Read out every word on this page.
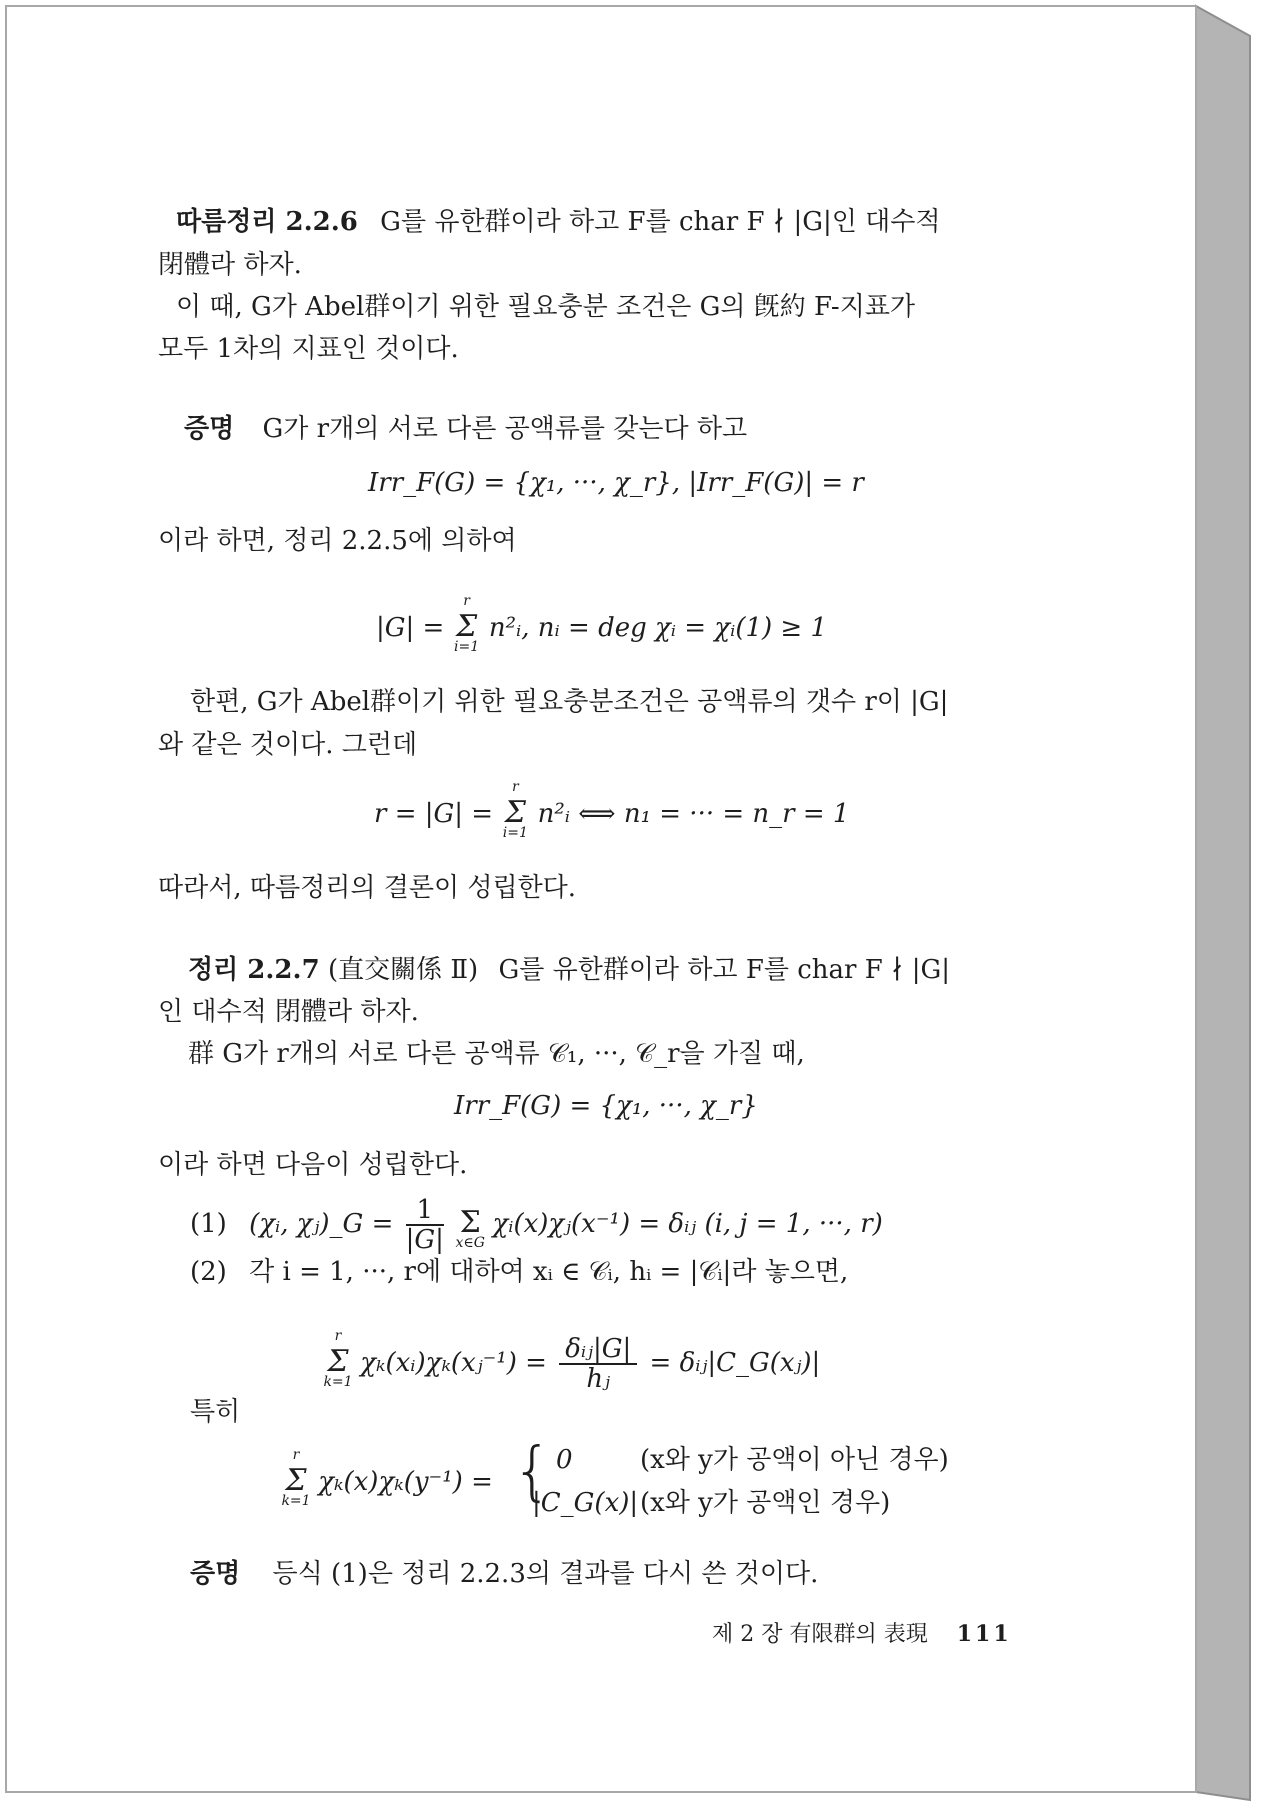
따름정리 2.2.6 G를 유한群이라 하고 F를 char F ∤ |G|인 대수적
閉體라 하자.
이 때, G가 Abel群이기 위한 필요충분 조건은 G의 旣約 F-지표가
모두 1차의 지표인 것이다.
증명 G가 r개의 서로 다른 공액류를 갖는다 하고
Irr_F(G) = {χ₁, ···, χ_r}, |Irr_F(G)| = r
이라 하면, 정리 2.2.5에 의하여
|G| =
r
Σ
i=1
n²ᵢ, nᵢ = deg χᵢ = χᵢ(1) ≥ 1
한편, G가 Abel群이기 위한 필요충분조건은 공액류의 갯수 r이 |G|
와 같은 것이다. 그런데
r = |G| =
r
Σ
i=1
n²ᵢ ⟺ n₁ = ··· = n_r = 1
따라서, 따름정리의 결론이 성립한다.
정리 2.2.7 (直交關係 Ⅱ) G를 유한群이라 하고 F를 char F ∤ |G|
인 대수적 閉體라 하자.
群 G가 r개의 서로 다른 공액류 𝒞₁, ···, 𝒞_r을 가질 때,
Irr_F(G) = {χ₁, ···, χ_r}
이라 하면 다음이 성립한다.
(1) (χᵢ, χⱼ)_G = $\frac{1}{|G|}$ Σ
x∈G
χᵢ(x)χⱼ(x⁻¹) = δᵢⱼ (i, j = 1, ···, r)
(2) 각 i = 1, ···, r에 대하여 xᵢ ∈ 𝒞ᵢ, hᵢ = |𝒞ᵢ|라 놓으면,
r
Σ
k=1
χₖ(xᵢ)χₖ(xⱼ⁻¹) = $\frac{\text{δᵢⱼ|G|}}{\text{hⱼ}}$ = δᵢⱼ|C_G(xⱼ)|
특히
r
Σ
k=1
χₖ(x)χₖ(y⁻¹) = { 0	(x와 y가 공액이 아닌 경우)
|C_G(x)| (x와 y가 공액인 경우)
증명 등식 (1)은 정리 2.2.3의 결과를 다시 쓴 것이다.
제 2 장 有限群의 表現 111
